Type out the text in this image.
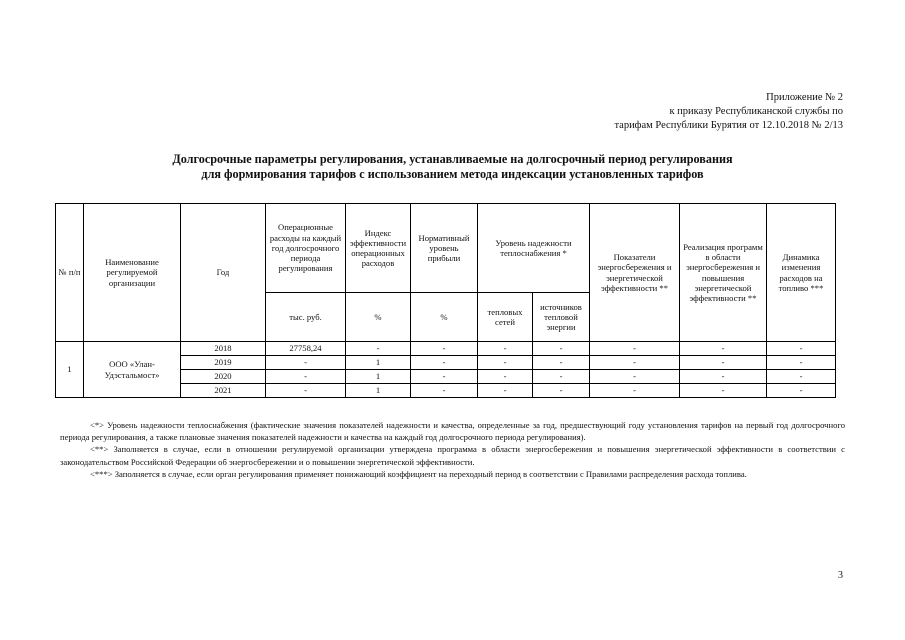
Приложение № 2
к приказу Республиканской службы по
тарифам Республики Бурятия от 12.10.2018 № 2/13
Долгосрочные параметры регулирования, устанавливаемые на долгосрочный период регулирования
для формирования тарифов с использованием метода индексации установленных тарифов
№ п/п	Наименование регулируемой организации	Год	Операционные расходы на каждый год долгосрочного периода регулирования	Индекс эффективности операционных расходов	Нормативный уровень прибыли	Уровень надежности теплоснабжения *		Показатели энергосбережения и энергетической эффективности **	Реализация программ в области энергосбережения и повышения энергетической эффективности **	Динамика изменения расходов на топливо ***
			тыс. руб.	%	%	тепловых сетей	источников тепловой энергии			
1	ООО «Улан-Удэстальмост»	2018	27758,24	-	-	-	-	-	-	-
		2019	-	1	-	-	-	-	-	-
		2020	-	1	-	-	-	-	-	-
		2021	-	1	-	-	-	-	-	-

<*> Уровень надежности теплоснабжения (фактические значения показателей надежности и качества, определенные за год, предшествующий году установления тарифов на первый год долгосрочного периода регулирования, а также плановые значения показателей надежности и качества на каждый год долгосрочного периода регулирования).

<**> Заполняется в случае, если в отношении регулируемой организации утверждена программа в области энергосбережения и повышения энергетической эффективности в соответствии с законодательством Российской Федерации об энергосбережении и о повышении энергетической эффективности.

<***> Заполняется в случае, если орган регулирования применяет понижающий коэффициент на переходный период в соответствии с Правилами распределения расхода топлива.

3
